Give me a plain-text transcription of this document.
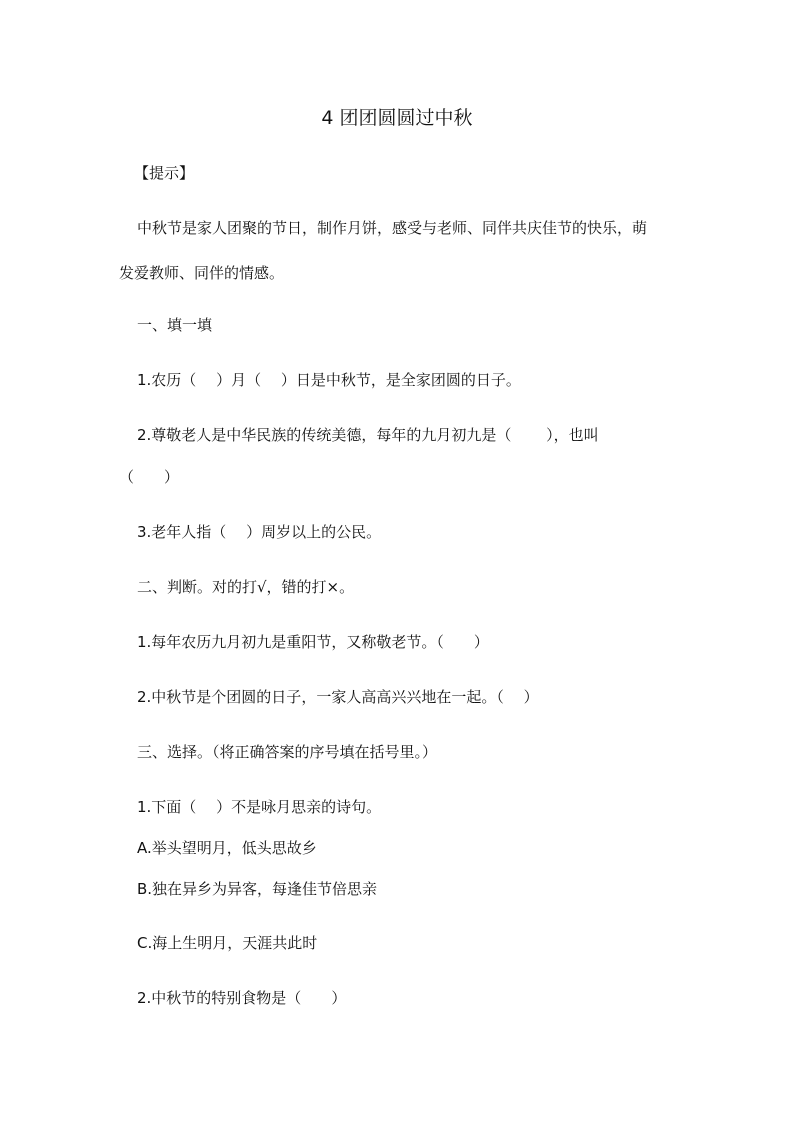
4 团团圆圆过中秋
【提示】
中秋节是家人团聚的节日，制作月饼，感受与老师、同伴共庆佳节的快乐，萌
发爱教师、同伴的情感。
一、填一填
1.农历（　 ）月（　 ）日是中秋节，是全家团圆的日子。
2.尊敬老人是中华民族的传统美德，每年的九月初九是（　　 ），也叫
（　　）
3.老年人指（　 ）周岁以上的公民。
二、判断。对的打√，错的打×。
1.每年农历九月初九是重阳节，又称敬老节。（　　）
2.中秋节是个团圆的日子，一家人高高兴兴地在一起。（　 ）
三、选择。（将正确答案的序号填在括号里。）
1.下面（　 ）不是咏月思亲的诗句。
A.举头望明月，低头思故乡
B.独在异乡为异客，每逢佳节倍思亲
C.海上生明月，天涯共此时
2.中秋节的特别食物是（　　）
